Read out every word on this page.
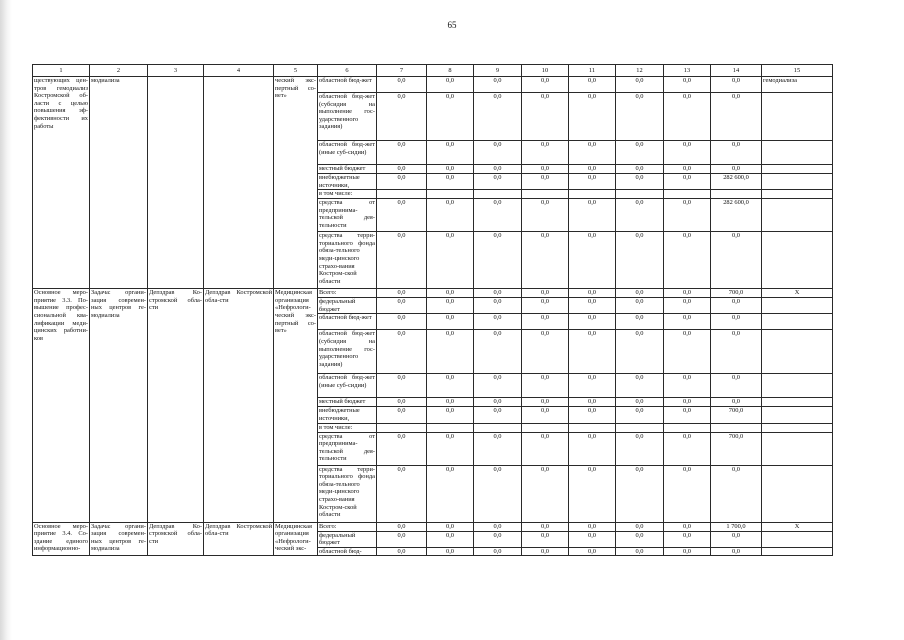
65
1	2	3	4	5	6	7	8	9	10	11	12	13	14	15
ществующих цен-тров гемодиализ Костромской об-ласти с целью повышения эф-фективности их работы	модиализа			ческий экс-пертный со-вет»	областной бюд-жет	0,0	0,0	0,0	0,0	0,0	0,0	0,0	0,0	гемодиализа
					областной бюд-жет (субсидия на выполнение гос-ударственного задания)	0,0	0,0	0,0	0,0	0,0	0,0	0,0	0,0	
					областной бюд-жет (иные суб-сидии)	0,0	0,0	0,0	0,0	0,0	0,0	0,0	0,0	
					местный бюджет	0,0	0,0	0,0	0,0	0,0	0,0	0,0	0,0	
					внебюджетные источники,	0,0	0,0	0,0	0,0	0,0	0,0	0,0	282 600,0	
					в том числе:									
					средства от предпринима-тельской дея-тельности	0,0	0,0	0,0	0,0	0,0	0,0	0,0	282 600,0	
					средства терри-ториального фонда обяза-тельного меди-цинского страхо-вания Костром-ской области	0,0	0,0	0,0	0,0	0,0	0,0	0,0	0,0	
Основное меро-приятие 3.3. По-вышение профес-сиональной ква-лификации меди-цинских работни-ков	Задача: органи-зация современ-ных центров ге-модиализа	Депздрав Ко-стромской обла-сти	Депздрав Костромской обла-сти	Медицинская организация «Нефрологи-ческий экс-пертный со-вет»	Всего:	0,0	0,0	0,0	0,0	0,0	0,0	0,0	700,0	X
					федеральный бюджет	0,0	0,0	0,0	0,0	0,0	0,0	0,0	0,0	
					областной бюд-жет	0,0	0,0	0,0	0,0	0,0	0,0	0,0	0,0	
					областной бюд-жет (субсидия на выполнение гос-ударственного задания)	0,0	0,0	0,0	0,0	0,0	0,0	0,0	0,0	
					областной бюд-жет (иные суб-сидии)	0,0	0,0	0,0	0,0	0,0	0,0	0,0	0,0	
					местный бюджет	0,0	0,0	0,0	0,0	0,0	0,0	0,0	0,0	
					внебюджетные источники,	0,0	0,0	0,0	0,0	0,0	0,0	0,0	700,0	
					в том числе:									
					средства от предпринима-тельской дея-тельности	0,0	0,0	0,0	0,0	0,0	0,0	0,0	700,0	
					средства терри-ториального фонда обяза-тельного меди-цинского страхо-вания Костром-ской области	0,0	0,0	0,0	0,0	0,0	0,0	0,0	0,0	
Основное меро-приятие 3.4. Со-здание единого информационно-	Задача: органи-зация современ-ных центров ге-модиализа	Депздрав Ко-стромской обла-сти	Депздрав Костромской обла-сти	Медицинская организация «Нефрологи-ческий экс-	Всего:	0,0	0,0	0,0	0,0	0,0	0,0	0,0	1 700,0	X
					федеральный бюджет	0,0	0,0	0,0	0,0	0,0	0,0	0,0	0,0	
					областной бюд-	0,0	0,0	0,0	0,0	0,0	0,0	0,0	0,0	
